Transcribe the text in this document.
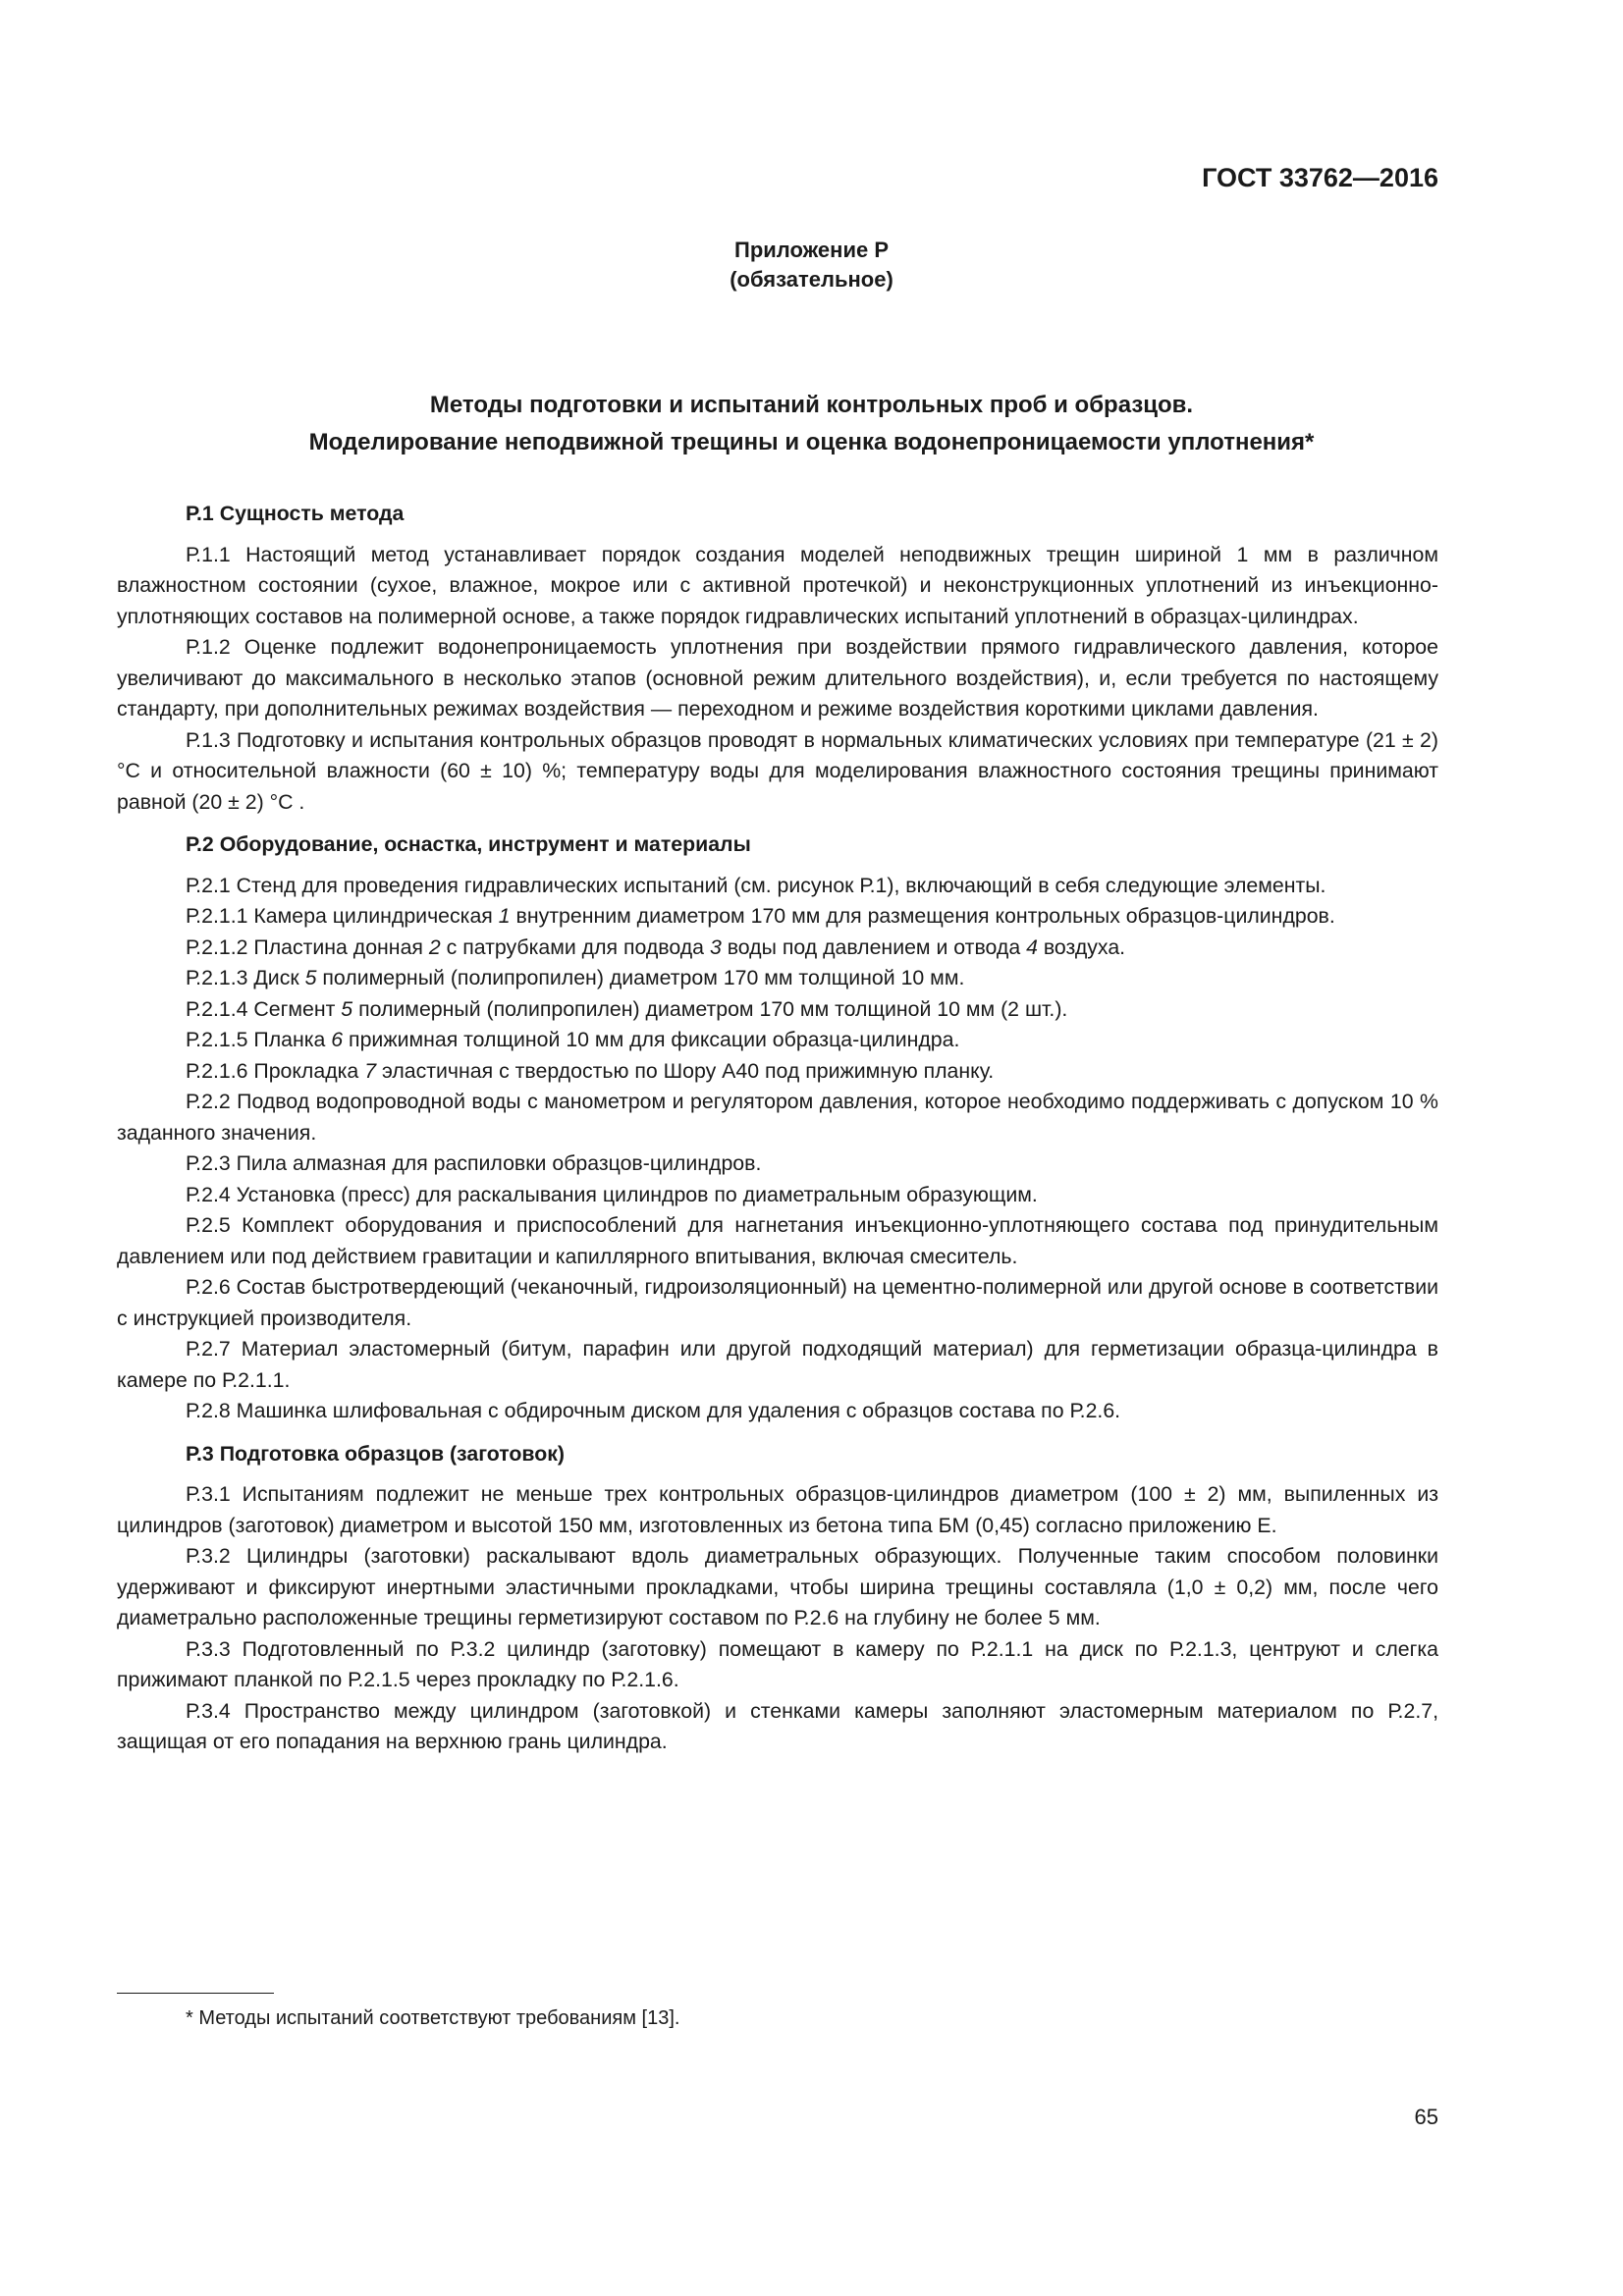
ГОСТ 33762—2016
Приложение Р
(обязательное)
Методы подготовки и испытаний контрольных проб и образцов.
Моделирование неподвижной трещины и оценка водонепроницаемости уплотнения*
Р.1 Сущность метода

Р.1.1 Настоящий метод устанавливает порядок создания моделей неподвижных трещин шириной 1 мм в различном влажностном состоянии (сухое, влажное, мокрое или с активной протечкой) и неконструкционных уплотнений из инъекционно-уплотняющих составов на полимерной основе, а также порядок гидравлических испытаний уплотнений в образцах-цилиндрах.

Р.1.2 Оценке подлежит водонепроницаемость уплотнения при воздействии прямого гидравлического давления, которое увеличивают до максимального в несколько этапов (основной режим длительного воздействия), и, если требуется по настоящему стандарту, при дополнительных режимах воздействия — переходном и режиме воздействия короткими циклами давления.

Р.1.3 Подготовку и испытания контрольных образцов проводят в нормальных климатических условиях при температуре (21 ± 2) °С и относительной влажности (60 ± 10) %; температуру воды для моделирования влажностного состояния трещины принимают равной (20 ± 2) °С .

Р.2 Оборудование, оснастка, инструмент и материалы

Р.2.1 Стенд для проведения гидравлических испытаний (см. рисунок Р.1), включающий в себя следующие элементы.

Р.2.1.1 Камера цилиндрическая 1 внутренним диаметром 170 мм для размещения контрольных образцов-цилиндров.

Р.2.1.2 Пластина донная 2 с патрубками для подвода 3 воды под давлением и отвода 4 воздуха.

Р.2.1.3 Диск 5 полимерный (полипропилен) диаметром 170 мм толщиной 10 мм.

Р.2.1.4 Сегмент 5 полимерный (полипропилен) диаметром 170 мм толщиной 10 мм (2 шт.).

Р.2.1.5 Планка 6 прижимная толщиной 10 мм для фиксации образца-цилиндра.

Р.2.1.6 Прокладка 7 эластичная с твердостью по Шору А40 под прижимную планку.

Р.2.2 Подвод водопроводной воды с манометром и регулятором давления, которое необходимо поддерживать с допуском 10 % заданного значения.

Р.2.3 Пила алмазная для распиловки образцов-цилиндров.

Р.2.4 Установка (пресс) для раскалывания цилиндров по диаметральным образующим.

Р.2.5 Комплект оборудования и приспособлений для нагнетания инъекционно-уплотняющего состава под принудительным давлением или под действием гравитации и капиллярного впитывания, включая смеситель.

Р.2.6 Состав быстротвердеющий (чеканочный, гидроизоляционный) на цементно-полимерной или другой основе в соответствии с инструкцией производителя.

Р.2.7 Материал эластомерный (битум, парафин или другой подходящий материал) для герметизации образца-цилиндра в камере по Р.2.1.1.

Р.2.8 Машинка шлифовальная с обдирочным диском для удаления с образцов состава по Р.2.6.

Р.3 Подготовка образцов (заготовок)

Р.3.1 Испытаниям подлежит не меньше трех контрольных образцов-цилиндров диаметром (100 ± 2) мм, выпиленных из цилиндров (заготовок) диаметром и высотой 150 мм, изготовленных из бетона типа БМ (0,45) согласно приложению Е.

Р.3.2 Цилиндры (заготовки) раскалывают вдоль диаметральных образующих. Полученные таким способом половинки удерживают и фиксируют инертными эластичными прокладками, чтобы ширина трещины составляла (1,0 ± 0,2) мм, после чего диаметрально расположенные трещины герметизируют составом по Р.2.6 на глубину не более 5 мм.

Р.3.3 Подготовленный по Р.3.2 цилиндр (заготовку) помещают в камеру по Р.2.1.1 на диск по Р.2.1.3, центруют и слегка прижимают планкой по Р.2.1.5 через прокладку по Р.2.1.6.

Р.3.4 Пространство между цилиндром (заготовкой) и стенками камеры заполняют эластомерным материалом по Р.2.7, защищая от его попадания на верхнюю грань цилиндра.

* Методы испытаний соответствуют требованиям [13].
65
